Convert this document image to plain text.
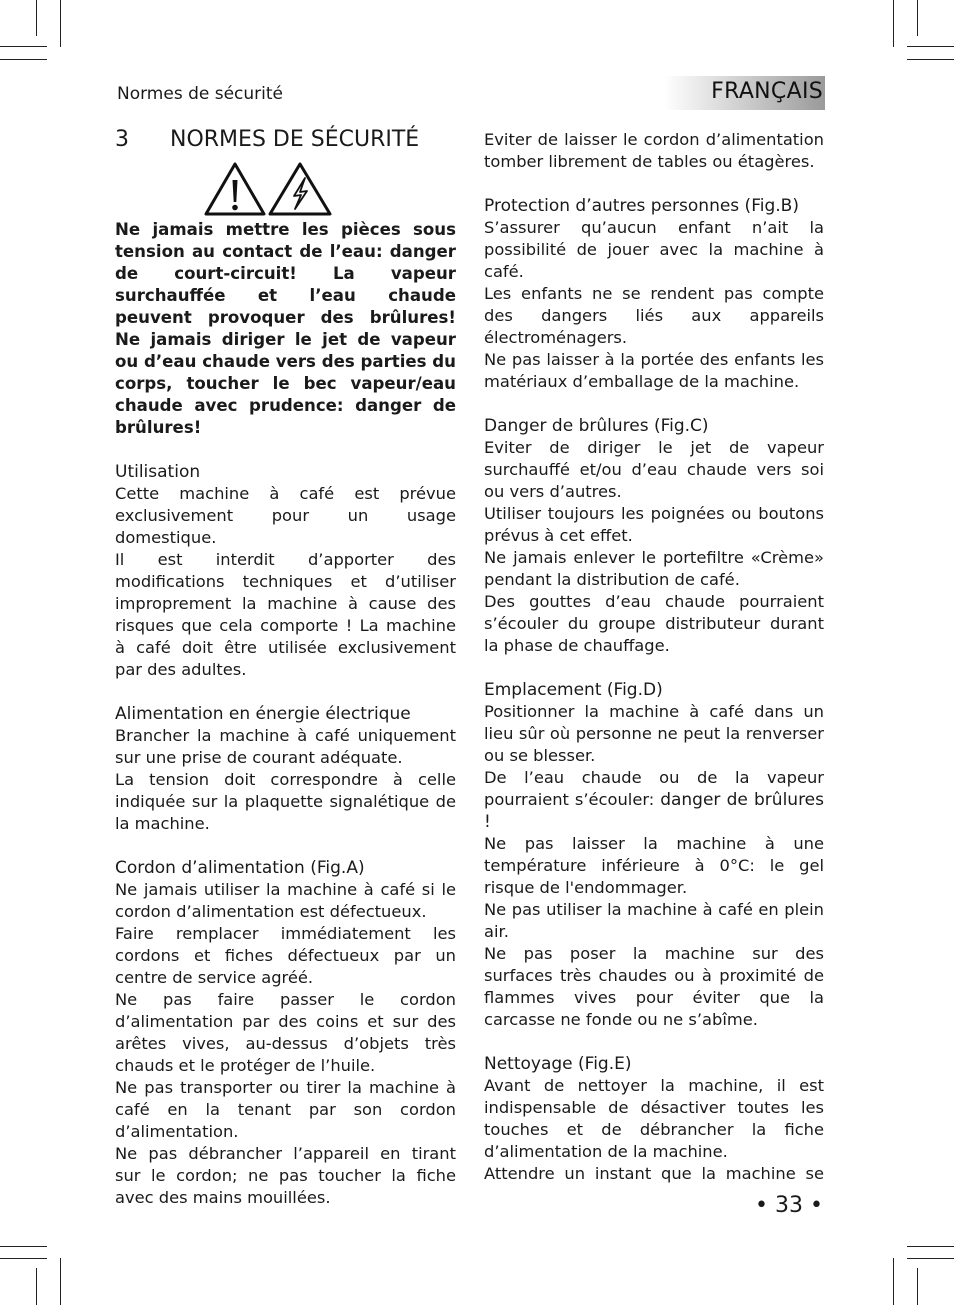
Normes de sécurité	FRANÇAIS
3 NORMES DE SÉCURITÉ

Ne jamais mettre les pièces sous tension au contact de l’eau: danger de court-circuit! La vapeur surchauffée et l’eau chaude peuvent provoquer des brûlures! Ne jamais diriger le jet de vapeur ou d’eau chaude vers des parties du corps, toucher le bec vapeur/eau chaude avec prudence: danger de brûlures!

Utilisation

Cette machine à café est prévue exclusivement pour un usage domestique.

Il est interdit d’apporter des modifications techniques et d’utiliser improprement la machine à cause des risques que cela comporte ! La machine à café doit être utilisée exclusivement par des adultes.

Alimentation en énergie électrique

Brancher la machine à café uniquement sur une prise de courant adéquate.

La tension doit correspondre à celle indiquée sur la plaquette signalétique de la machine.

Cordon d’alimentation (Fig.A)

Ne jamais utiliser la machine à café si le cordon d’alimentation est défectueux.

Faire remplacer immédiatement les cordons et fiches défectueux par un centre de service agréé.

Ne pas faire passer le cordon d’alimentation par des coins et sur des arêtes vives, au-dessus d’objets très chauds et le protéger de l’huile.

Ne pas transporter ou tirer la machine à café en la tenant par son cordon d’alimentation.

Ne pas débrancher l’appareil en tirant sur le cordon; ne pas toucher la fiche avec des mains mouillées.

Eviter de laisser le cordon d’alimentation tomber librement de tables ou étagères.

Protection d’autres personnes (Fig.B)

S’assurer qu’aucun enfant n’ait la possibilité de jouer avec la machine à café.

Les enfants ne se rendent pas compte des dangers liés aux appareils électroménagers.

Ne pas laisser à la portée des enfants les matériaux d’emballage de la machine.

Danger de brûlures (Fig.C)

Eviter de diriger le jet de vapeur surchauffé et/ou d’eau chaude vers soi ou vers d’autres.

Utiliser toujours les poignées ou boutons prévus à cet effet.

Ne jamais enlever le portefiltre «Crème» pendant la distribution de café.

Des gouttes d’eau chaude pourraient s’écouler du groupe distributeur durant la phase de chauffage.

Emplacement (Fig.D)

Positionner la machine à café dans un lieu sûr où personne ne peut la renverser ou se blesser.

De l’eau chaude ou de la vapeur pourraient s’écouler: danger de brûlures !

Ne pas laisser la machine à une température inférieure à 0°C: le gel risque de l'endommager.

Ne pas utiliser la machine à café en plein air.

Ne pas poser la machine sur des surfaces très chaudes ou à proximité de flammes vives pour éviter que la carcasse ne fonde ou ne s’abîme.

Nettoyage (Fig.E)

Avant de nettoyer la machine, il est indispensable de désactiver toutes les touches et de débrancher la fiche d’alimentation de la machine.

Attendre un instant que la machine se

• 33 •
